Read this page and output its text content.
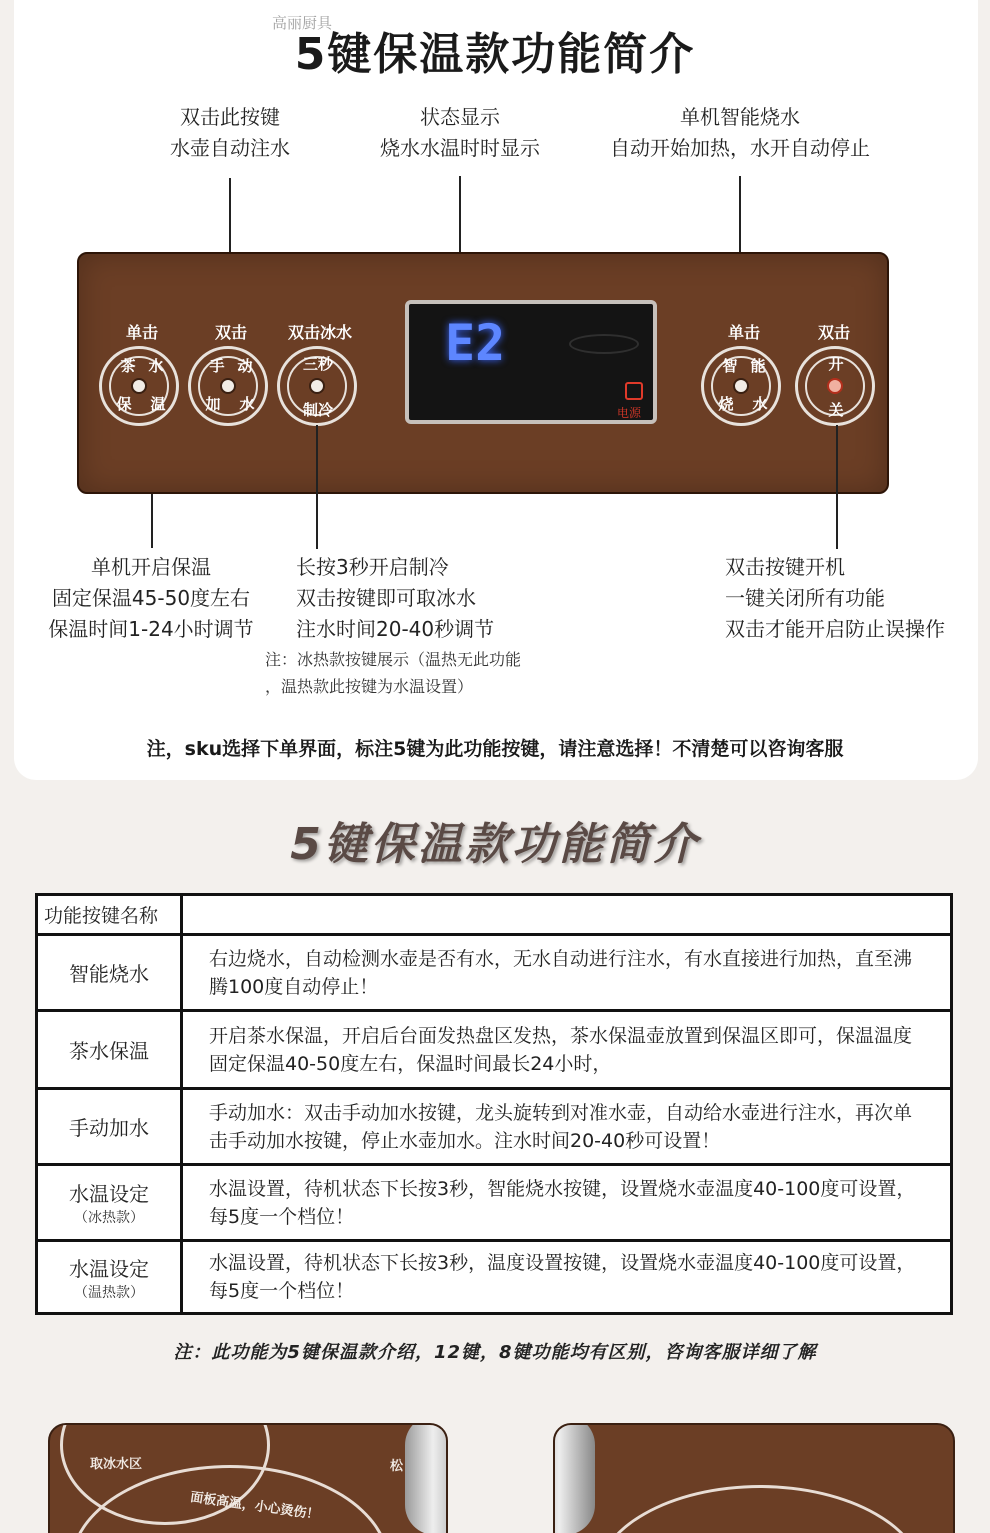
高丽厨具
5键保温款功能简介
双击此按键
水壶自动注水
状态显示
烧水水温时时显示
单机智能烧水
自动开始加热，水开自动停止
单击
茶 水
保 温
双击
手 动
加 水
双击冰水
三秒
制冷
E2
电源
单击
智 能
烧 水
双击
开
关
单机开启保温
固定保温45-50度左右
保温时间1-24小时调节
长按3秒开启制冷
双击按键即可取冰水
注水时间20-40秒调节
注：冰热款按键展示（温热无此功能
，温热款此按键为水温设置）
双击按键开机
一键关闭所有功能
双击才能开启防止误操作
注，sku选择下单界面，标注5键为此功能按键，请注意选择！不清楚可以咨询客服
5键保温款功能简介
功能按键名称	
智能烧水	右边烧水，自动检测水壶是否有水，无水自动进行注水，有水直接进行加热，直至沸腾100度自动停止！
茶水保温	开启茶水保温，开启后台面发热盘区发热，茶水保温壶放置到保温区即可，保温温度固定保温40-50度左右，保温时间最长24小时，
手动加水	手动加水：双击手动加水按键，龙头旋转到对准水壶，自动给水壶进行注水，再次单击手动加水按键，停止水壶加水。注水时间20-40秒可设置！
水温设定
（冰热款）	水温设置，待机状态下长按3秒，智能烧水按键，设置烧水壶温度40-100度可设置，每5度一个档位！
水温设定
（温热款）	水温设置，待机状态下长按3秒，温度设置按键，设置烧水壶温度40-100度可设置，每5度一个档位！
注：此功能为5键保温款介绍，12键，8键功能均有区别，咨询客服详细了解
取冰水区
面板高温，小心烫伤！
松
